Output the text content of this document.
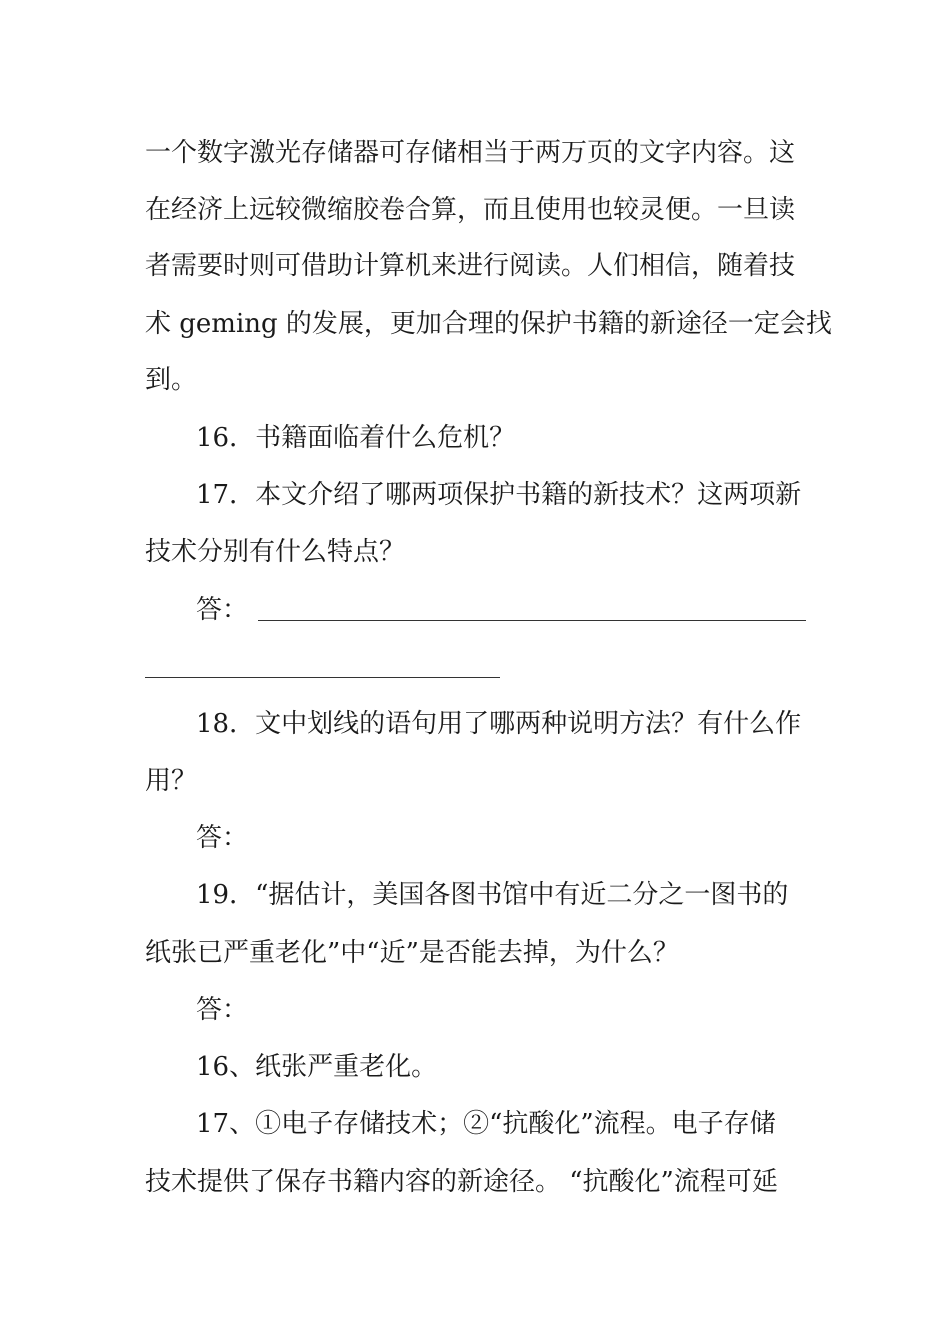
一个数字激光存储器可存储相当于两万页的文字内容。这
在经济上远较微缩胶卷合算，而且使用也较灵便。一旦读
者需要时则可借助计算机来进行阅读。人们相信，随着技
术 geming 的发展，更加合理的保护书籍的新途径一定会找
到。
16．书籍面临着什么危机？
17．本文介绍了哪两项保护书籍的新技术？这两项新
技术分别有什么特点？
答：
18．文中划线的语句用了哪两种说明方法？有什么作
用？
答：
19．“据估计，美国各图书馆中有近二分之一图书的
纸张已严重老化”中“近”是否能去掉，为什么？
答：
16、纸张严重老化。
17、①电子存储技术；②“抗酸化”流程。电子存储
技术提供了保存书籍内容的新途径。 “抗酸化”流程可延
